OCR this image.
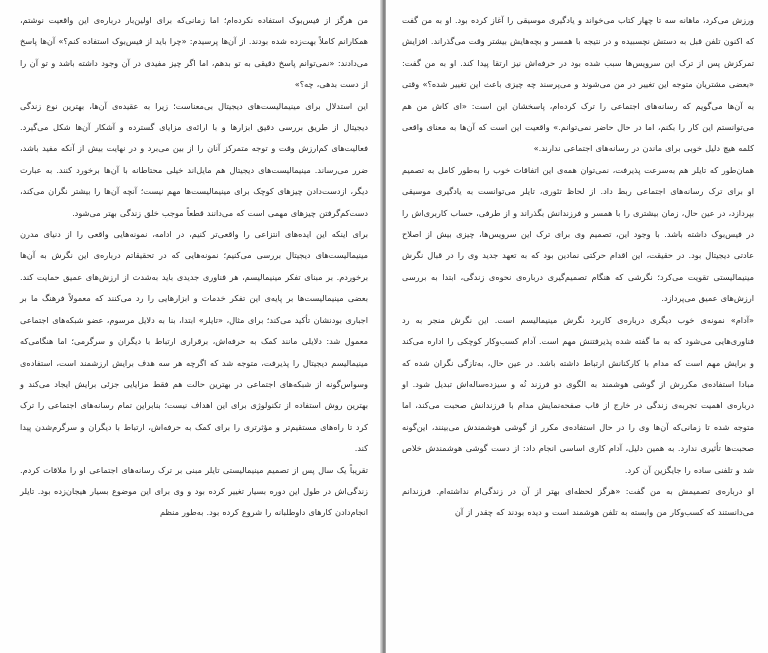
من هرگز از فیس‌بوک استفاده نکرده‌ام؛ اما زمانی‌که برای اولین‌بار درباره‌ی این واقعیت نوشتم، همکارانم کاملاً بهت‌زده شده بودند. از آن‌ها پرسیدم: «چرا باید از فیس‌بوک استفاده کنم؟» آن‌ها پاسخ می‌دادند: «نمی‌توانم پاسخ دقیقی به تو بدهم، اما اگر چیز مفیدی در آن وجود داشته باشد و تو آن را از دست بدهی، چه؟»

این استدلال برای مینیمالیست‌های دیجیتال بی‌معناست؛ زیرا به عقیده‌ی آن‌ها، بهترین نوع زندگی دیجیتال از طریق بررسی دقیق ابزارها و با ارائه‌ی مزایای گسترده و آشکار آن‌ها شکل می‌گیرد. فعالیت‌های کم‌ارزش وقت و توجه متمرکز آنان را از بین می‌برد و در نهایت بیش از آنکه مفید باشد، ضرر می‌رساند. مینیمالیست‌های دیجیتال هم مایل‌اند خیلی محتاطانه با آن‌ها برخورد کنند. به عبارت دیگر، ازدست‌دادن چیزهای کوچک برای مینیمالیست‌ها مهم نیست؛ آنچه آن‌ها را بیشتر نگران می‌کند، دست‌کم‌گرفتن چیزهای مهمی است که می‌دانند قطعاً موجب خلق زندگی بهتر می‌شود.

برای اینکه این ایده‌های انتزاعی را واقعی‌تر کنیم، در ادامه، نمونه‌هایی واقعی را از دنیای مدرن مینیمالیست‌های دیجیتال بررسی می‌کنیم؛ نمونه‌هایی که در تحقیقاتم درباره‌ی این نگرش به آن‌ها برخوردم. بر مبنای تفکر مینیمالیسم، هر فناوری جدیدی باید به‌شدت از ارزش‌های عمیق حمایت کند. بعضی مینیمالیست‌ها بر پایه‌ی این تفکر خدمات و ابزارهایی را رد می‌کنند که معمولاً فرهنگ ما بر اجباری بودنشان تأکید می‌کند؛ برای مثال، «تایلر» ابتدا، بنا به دلایل مرسوم، عضو شبکه‌های اجتماعی معمول شد: دلایلی مانند کمک به حرفه‌اش، برقراری ارتباط با دیگران و سرگرمی؛ اما هنگامی‌که مینیمالیسم دیجیتال را پذیرفت، متوجه شد که اگرچه هر سه هدف برایش ارزشمند است، استفاده‌ی وسواس‌گونه از شبکه‌های اجتماعی در بهترین حالت هم فقط مزایایی جزئی برایش ایجاد می‌کند و بهترین روش استفاده از تکنولوژی برای این اهداف نیست؛ بنابراین تمام رسانه‌های اجتماعی را ترک کرد تا راه‌های مستقیم‌تر و مؤثرتری را برای کمک به حرفه‌اش، ارتباط با دیگران و سرگرم‌شدن پیدا کند.

تقریباً یک سال پس از تصمیم مینیمالیستی تایلر مبنی بر ترک رسانه‌های اجتماعی او را ملاقات کردم. زندگی‌اش در طول این دوره بسیار تغییر کرده بود و وی برای این موضوع بسیار هیجان‌زده بود. تایلر انجام‌دادن کارهای داوطلبانه را شروع کرده بود. به‌طور منظم

​

ورزش می‌کرد، ماهانه سه تا چهار کتاب می‌خواند و یادگیری موسیقی را آغاز کرده بود. او به من گفت که اکنون تلفن قبل به دستش نچسبیده و در نتیجه با همسر و بچه‌هایش بیشتر وقت می‌گذراند. افزایش تمرکزش پس از ترک این سرویس‌ها سبب شده بود در حرفه‌اش نیز ارتقا پیدا کند. او به من گفت: «بعضی مشتریان متوجه این تغییر در من می‌شوند و می‌پرسند چه چیزی باعث این تغییر شده؟» وقتی به آن‌ها می‌گویم که رسانه‌های اجتماعی را ترک کرده‌ام، پاسخشان این است: «ای کاش من هم می‌توانستم این کار را بکنم، اما در حال حاضر نمی‌توانم.» واقعیت این است که آن‌ها به معنای واقعی کلمه هیچ دلیل خوبی برای ماندن در رسانه‌های اجتماعی ندارند.»

همان‌طور که تایلر هم به‌سرعت پذیرفت، نمی‌توان همه‌ی این اتفاقات خوب را به‌طور کامل به تصمیم او برای ترک رسانه‌های اجتماعی ربط داد. از لحاظ تئوری، تایلر می‌توانست به یادگیری موسیقی بپردازد، در عین حال، زمان بیشتری را با همسر و فرزندانش بگذراند و از طرفی، حساب کاربری‌اش را در فیس‌بوک داشته باشد. با وجود این، تصمیم وی برای ترک این سرویس‌ها، چیزی بیش از اصلاح عادتی دیجیتال بود. در حقیقت، این اقدام حرکتی نمادین بود که به تعهد جدید وی را در قبال نگرش مینیمالیستی تقویت می‌کرد؛ نگرشی که هنگام تصمیم‌گیری درباره‌ی نحوه‌ی زندگی، ابتدا به بررسی ارزش‌های عمیق می‌پردازد.

«آدام» نمونه‌ی خوب دیگری درباره‌ی کاربرد نگرش مینیمالیسم است. این نگرش منجر به رد فناوری‌هایی می‌شود که به ما گفته شده پذیرفتنش مهم است. آدام کسب‌وکار کوچکی را اداره می‌کند و برایش مهم است که مدام با کارکنانش ارتباط داشته باشد. در عین حال، به‌تازگی نگران شده که مبادا استفاده‌ی مکررش از گوشی هوشمند به الگوی دو فرزند نُه و سیزده‌ساله‌اش تبدیل شود. او درباره‌ی اهمیت تجربه‌ی زندگی در خارج از قاب صفحه‌نمایش مدام با فرزندانش صحبت می‌کند، اما متوجه شده تا زمانی‌که آن‌ها وی را در حال استفاده‌ی مکرر از گوشی هوشمندش می‌بینند، این‌گونه صحبت‌ها تأثیری ندارد. به همین دلیل، آدام کاری اساسی انجام داد: از دست گوشی هوشمندش خلاص شد و تلفنی ساده را جایگزین آن کرد.

او درباره‌ی تصمیمش به من گفت: «هرگز لحظه‌ای بهتر از آن در زندگی‌ام نداشته‌ام. فرزندانم می‌دانستند که کسب‌وکار من وابسته به تلفن هوشمند است و دیده بودند که چقدر از آن
